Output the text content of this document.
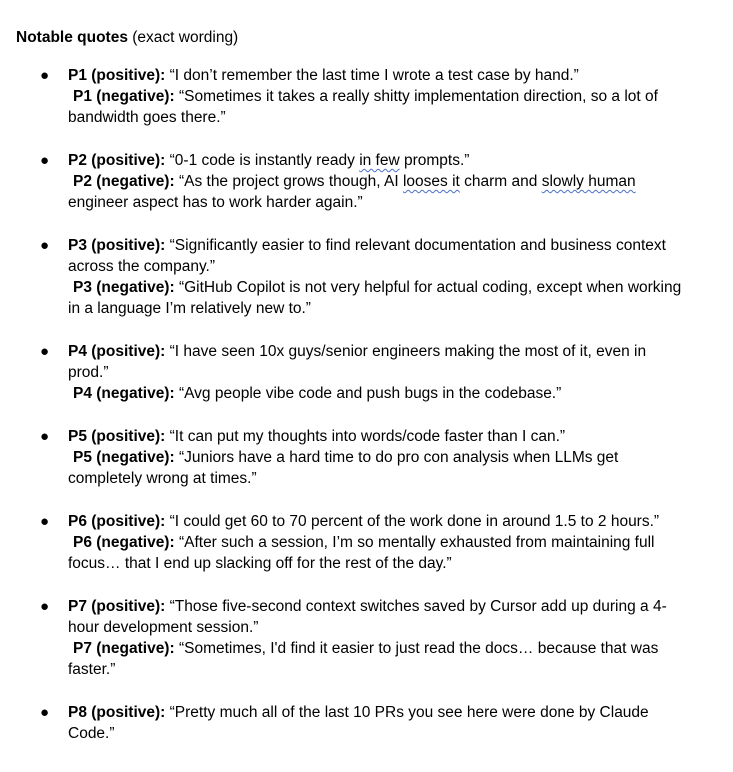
Notable quotes (exact wording)

● P1 (positive): “I don’t remember the last time I wrote a test case by hand.”
P1 (negative): “Sometimes it takes a really shitty implementation direction, so a lot of bandwidth goes there.”
● P2 (positive): “0-1 code is instantly ready in few prompts.”
P2 (negative): “As the project grows though, AI looses it charm and slowly human engineer aspect has to work harder again.”
● P3 (positive): “Significantly easier to find relevant documentation and business context across the company.”
P3 (negative): “GitHub Copilot is not very helpful for actual coding, except when working in a language I’m relatively new to.”
● P4 (positive): “I have seen 10x guys/senior engineers making the most of it, even in prod.”
P4 (negative): “Avg people vibe code and push bugs in the codebase.”
● P5 (positive): “It can put my thoughts into words/code faster than I can.”
P5 (negative): “Juniors have a hard time to do pro con analysis when LLMs get completely wrong at times.”
● P6 (positive): “I could get 60 to 70 percent of the work done in around 1.5 to 2 hours.”
P6 (negative): “After such a session, I’m so mentally exhausted from maintaining full focus… that I end up slacking off for the rest of the day.”
● P7 (positive): “Those five-second context switches saved by Cursor add up during a 4-hour development session.”
P7 (negative): “Sometimes, I'd find it easier to just read the docs… because that was faster.”
● P8 (positive): “Pretty much all of the last 10 PRs you see here were done by Claude Code.”
